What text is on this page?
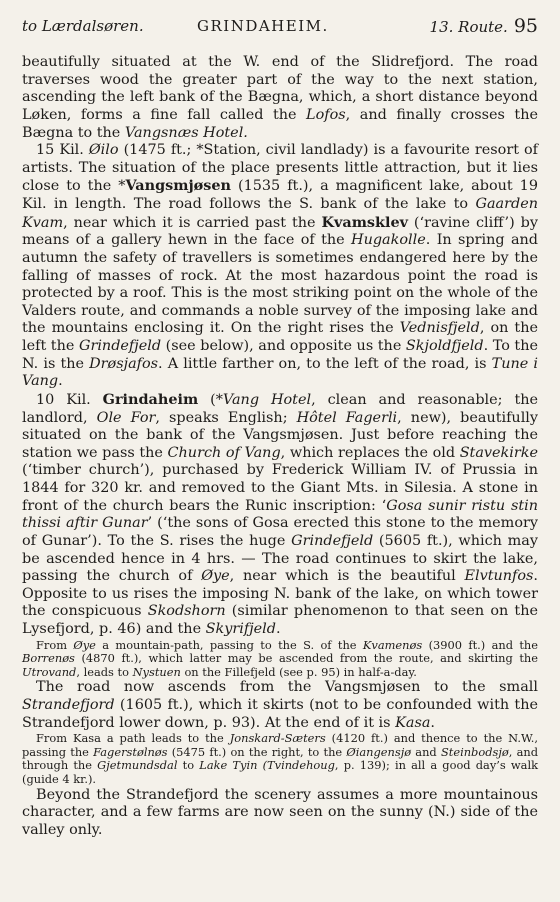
to Lærdalsøren.	GRINDAHEIM.	13. Route. 95

beautifully situated at the W. end of the Slidrefjord. The road traverses wood the greater part of the way to the next station, ascending the left bank of the Bægna, which, a short distance beyond Løken, forms a fine fall called the Lofos, and finally crosses the Bægna to the Vangsnæs Hotel.

15 Kil. Øilo (1475 ft.; *Station, civil landlady) is a favourite resort of artists. The situation of the place presents little attraction, but it lies close to the *Vangsmjøsen (1535 ft.), a magnificent lake, about 19 Kil. in length. The road follows the S. bank of the lake to Gaarden Kvam, near which it is carried past the Kvamsklev (‘ravine cliff’) by means of a gallery hewn in the face of the Hugakolle. In spring and autumn the safety of travellers is sometimes endangered here by the falling of masses of rock. At the most hazardous point the road is protected by a roof. This is the most striking point on the whole of the Valders route, and commands a noble survey of the imposing lake and the mountains enclosing it. On the right rises the Vednisfjeld, on the left the Grindefjeld (see below), and opposite us the Skjoldfjeld. To the N. is the Drøsjafos. A little farther on, to the left of the road, is Tune i Vang.

10 Kil. Grindaheim (*Vang Hotel, clean and reasonable; the landlord, Ole For, speaks English; Hôtel Fagerli, new), beautifully situated on the bank of the Vangsmjøsen. Just before reaching the station we pass the Church of Vang, which replaces the old Stavekirke (‘timber church’), purchased by Frederick William IV. of Prussia in 1844 for 320 kr. and removed to the Giant Mts. in Silesia. A stone in front of the church bears the Runic inscription: ‘Gosa sunir ristu stin thissi aftir Gunar’ (‘the sons of Gosa erected this stone to the memory of Gunar’). To the S. rises the huge Grindefjeld (5605 ft.), which may be ascended hence in 4 hrs. — The road continues to skirt the lake, passing the church of Øye, near which is the beautiful Elvtunfos. Opposite to us rises the imposing N. bank of the lake, on which tower the conspicuous Skodshorn (similar phenomenon to that seen on the Lysefjord, p. 46) and the Skyrifjeld.

From Øye a mountain-path, passing to the S. of the Kvamenøs (3900 ft.) and the Borrenøs (4870 ft.), which latter may be ascended from the route, and skirting the Utrovand, leads to Nystuen on the Fillefjeld (see p. 95) in half-a-day.

The road now ascends from the Vangsmjøsen to the small Strandefjord (1605 ft.), which it skirts (not to be confounded with the Strandefjord lower down, p. 93). At the end of it is Kasa.

From Kasa a path leads to the Jonskard-Sæters (4120 ft.) and thence to the N.W., passing the Fagerstølnøs (5475 ft.) on the right, to the Øiangensjø and Steinbodsjø, and through the Gjetmundsdal to Lake Tyin (Tvindehoug, p. 139); in all a good day’s walk (guide 4 kr.).

Beyond the Strandefjord the scenery assumes a more mountainous character, and a few farms are now seen on the sunny (N.) side of the valley only.
